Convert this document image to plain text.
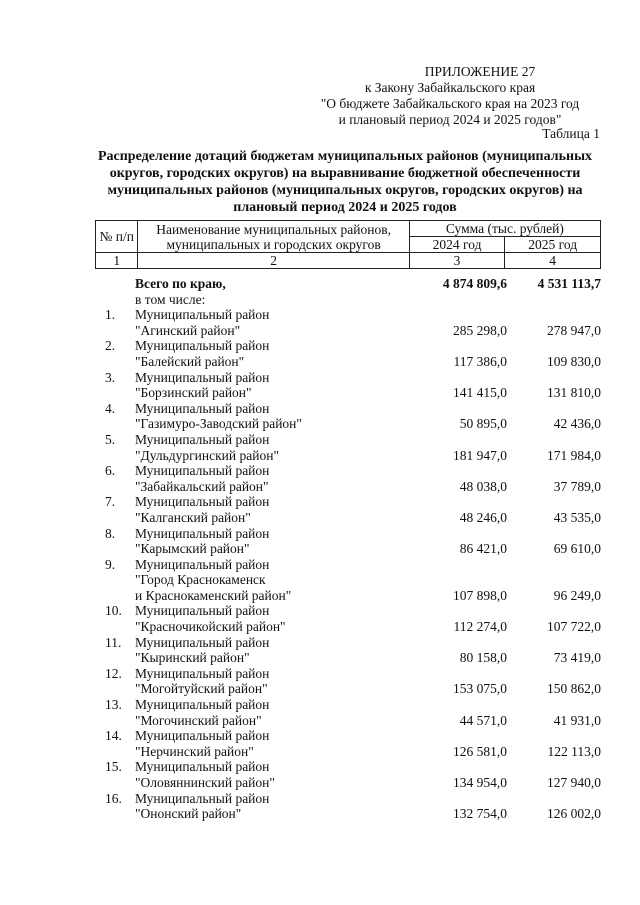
ПРИЛОЖЕНИЕ 27
к Закону Забайкальского края
"О бюджете Забайкальского края на 2023 год
и плановый период 2024 и 2025 годов"
Таблица 1
Распределение дотаций бюджетам муниципальных районов (муниципальных округов, городских округов) на выравнивание бюджетной обеспеченности муниципальных районов (муниципальных округов, городских округов) на плановый период 2024 и 2025 годов
№ п/п	Наименование муниципальных районов, муниципальных и городских округов	Сумма (тыс. рублей)	
		2024 год	2025 год
1	2	3	4
Всего по краю,	4 874 809,6	4 531 113,7
в том числе:
1.	Муниципальный район
"Агинский район"	285 298,0	278 947,0
2.	Муниципальный район
"Балейский район"	117 386,0	109 830,0
3.	Муниципальный район
"Борзинский район"	141 415,0	131 810,0
4.	Муниципальный район
"Газимуро-Заводский район"	50 895,0	42 436,0
5.	Муниципальный район
"Дульдургинский район"	181 947,0	171 984,0
6.	Муниципальный район
"Забайкальский район"	48 038,0	37 789,0
7.	Муниципальный район
"Калганский район"	48 246,0	43 535,0
8.	Муниципальный район
"Карымский район"	86 421,0	69 610,0
9.	Муниципальный район
"Город Краснокаменск
и Краснокаменский район"	107 898,0	96 249,0
10. Муниципальный район
"Красночикойский район"	112 274,0	107 722,0
11.	Муниципальный район
"Кыринский район"	80 158,0	73 419,0
12. Муниципальный район
"Могойтуйский район"	153 075,0	150 862,0
13. Муниципальный район
"Могочинский район"	44 571,0	41 931,0
14. Муниципальный район
"Нерчинский район"	126 581,0	122 113,0
15. Муниципальный район
"Оловяннинский район"	134 954,0	127 940,0
16. Муниципальный район
"Ононский район"	132 754,0	126 002,0
